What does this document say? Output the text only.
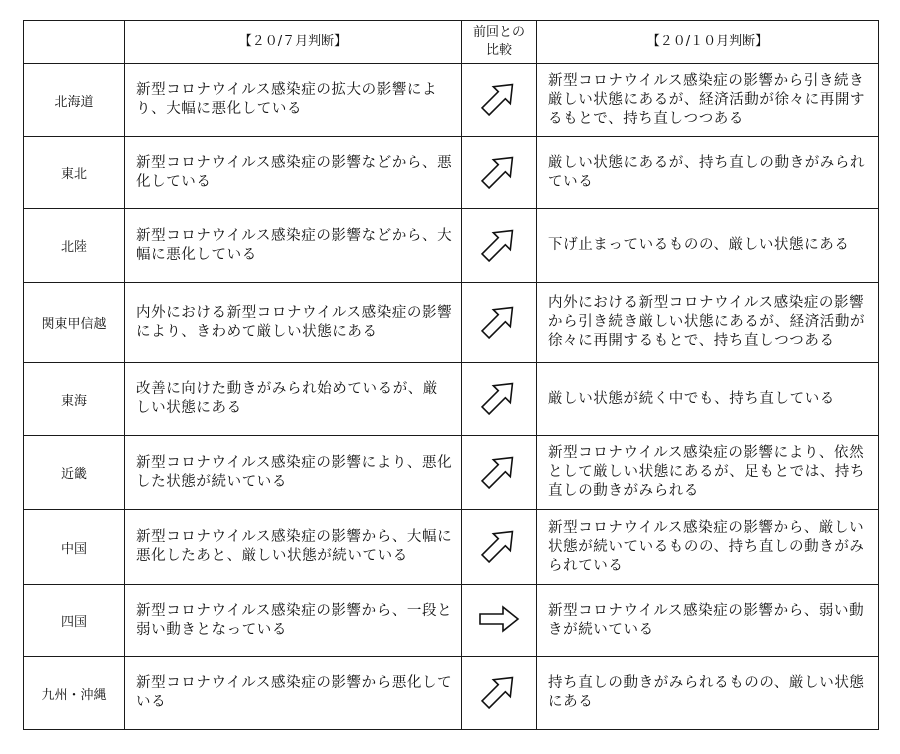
	【２０/７月判断】	前回との比較	【２０/１０月判断】
北海道	新型コロナウイルス感染症の拡大の影響により、大幅に悪化している		新型コロナウイルス感染症の影響から引き続き厳しい状態にあるが、経済活動が徐々に再開するもとで、持ち直しつつある
東北	新型コロナウイルス感染症の影響などから、悪化している		厳しい状態にあるが、持ち直しの動きがみられている
北陸	新型コロナウイルス感染症の影響などから、大幅に悪化している		下げ止まっているものの、厳しい状態にある
関東甲信越	内外における新型コロナウイルス感染症の影響により、きわめて厳しい状態にある		内外における新型コロナウイルス感染症の影響から引き続き厳しい状態にあるが、経済活動が徐々に再開するもとで、持ち直しつつある
東海	改善に向けた動きがみられ始めているが、厳しい状態にある		厳しい状態が続く中でも、持ち直している
近畿	新型コロナウイルス感染症の影響により、悪化した状態が続いている		新型コロナウイルス感染症の影響により、依然として厳しい状態にあるが、足もとでは、持ち直しの動きがみられる
中国	新型コロナウイルス感染症の影響から、大幅に悪化したあと、厳しい状態が続いている		新型コロナウイルス感染症の影響から、厳しい状態が続いているものの、持ち直しの動きがみられている
四国	新型コロナウイルス感染症の影響から、一段と弱い動きとなっている		新型コロナウイルス感染症の影響から、弱い動きが続いている
九州・沖縄	新型コロナウイルス感染症の影響から悪化している		持ち直しの動きがみられるものの、厳しい状態にある
